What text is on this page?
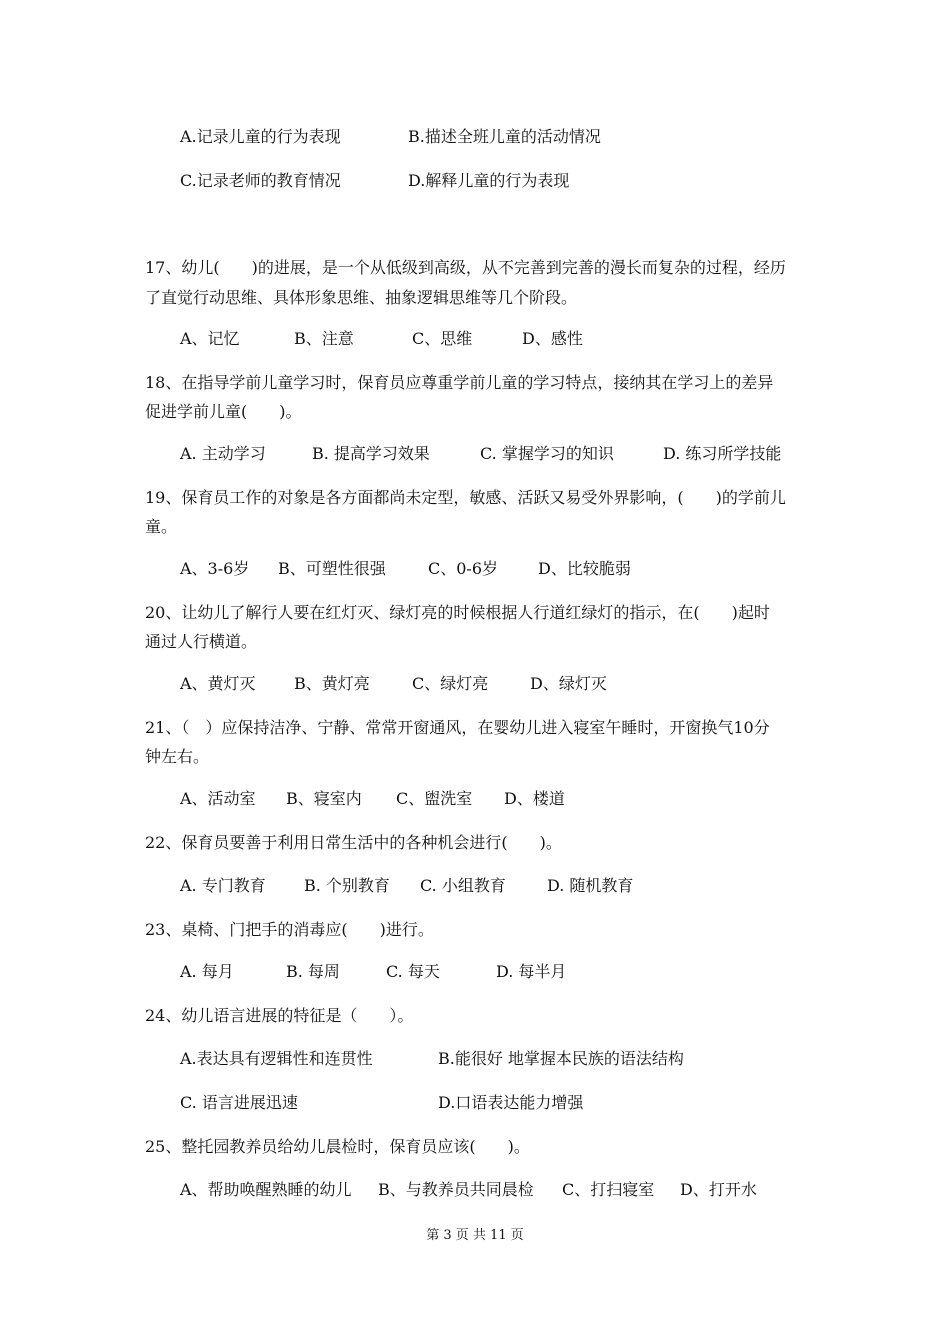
A.记录儿童的行为表现	B.描述全班儿童的活动情况
C.记录老师的教育情况	D.解释儿童的行为表现
17、幼儿(　　)的进展，是一个从低级到高级，从不完善到完善的漫长而复杂的过程，经历
了直觉行动思维、具体形象思维、抽象逻辑思维等几个阶段。
A、记忆	B、注意	C、思维	D、感性
18、在指导学前儿童学习时，保育员应尊重学前儿童的学习特点，接纳其在学习上的差异
促进学前儿童(　　)。
A. 主动学习	B. 提高学习效果	C. 掌握学习的知识	D. 练习所学技能
19、保育员工作的对象是各方面都尚未定型，敏感、活跃又易受外界影响，(　　)的学前儿
童。
A、3-6岁 B、可塑性很强	C、0-6岁 D、比较脆弱
20、让幼儿了解行人要在红灯灭、绿灯亮的时候根据人行道红绿灯的指示，在(　　)起时
通过人行横道。
A、黄灯灭 B、黄灯亮	C、绿灯亮	D、绿灯灭
21、（　）应保持洁净、宁静、常常开窗通风，在婴幼儿进入寝室午睡时，开窗换气10分
钟左右。
A、活动室 B、寝室内 C、盥洗室 D、楼道
22、保育员要善于利用日常生活中的各种机会进行(　　)。
A. 专门教育 B. 个别教育 C. 小组教育	D. 随机教育
23、桌椅、门把手的消毒应(　　)进行。
A. 每月	B. 每周	C. 每天	D. 每半月
24、幼儿语言进展的特征是（　　）。
A.表达具有逻辑性和连贯性	B.能很好 地掌握本民族的语法结构
C. 语言进展迅速	D.口语表达能力增强
25、整托园教养员给幼儿晨检时，保育员应该(　　)。
A、帮助唤醒熟睡的幼儿 B、与教养员共同晨检 C、打扫寝室 D、打开水
第 3 页 共 11 页
